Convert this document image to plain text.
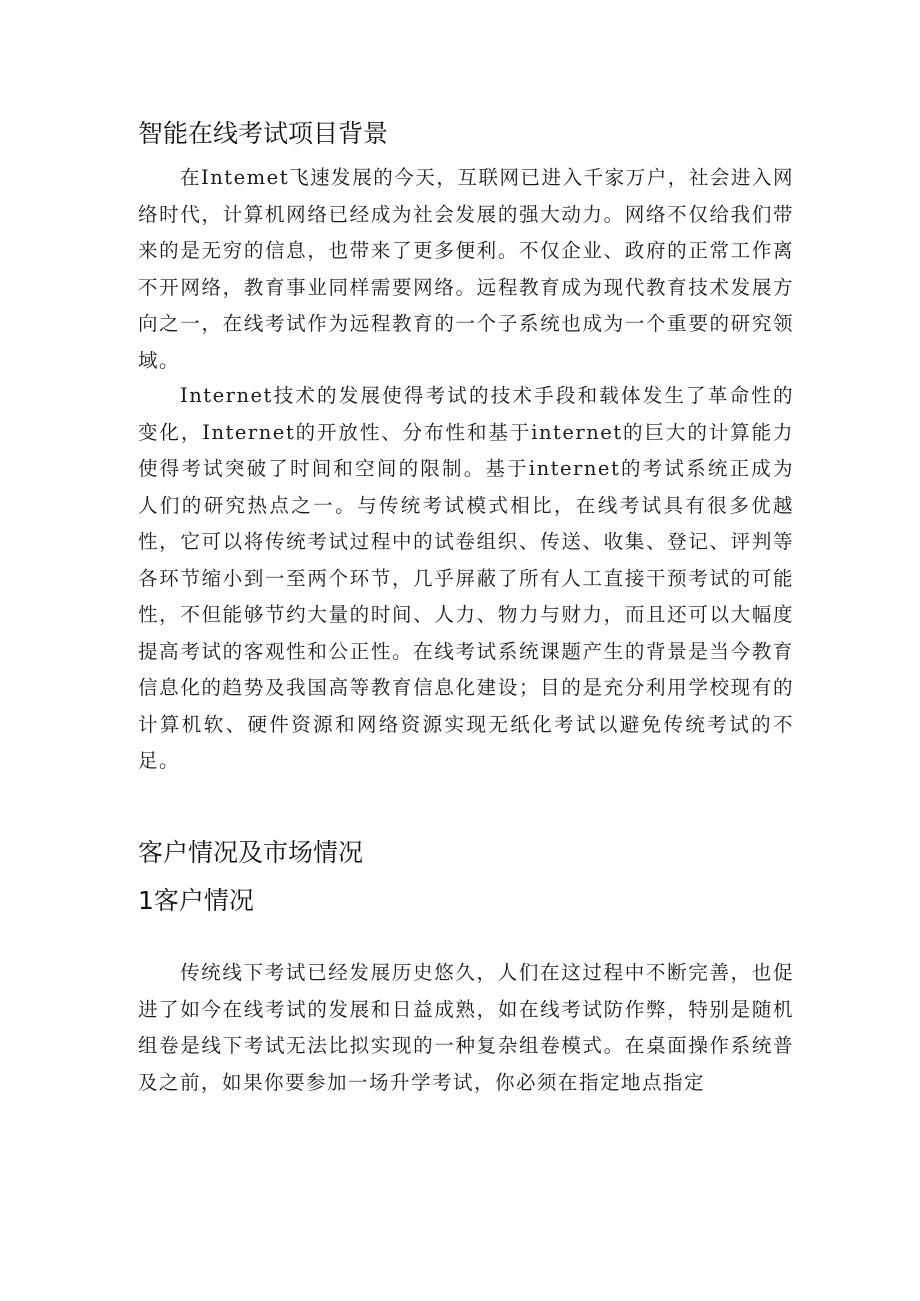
智能在线考试项目背景

在Intemet飞速发展的今天，互联网已进入千家万户，社会进入网络时代，计算机网络已经成为社会发展的强大动力。网络不仅给我们带来的是无穷的信息，也带来了更多便利。不仅企业、政府的正常工作离不开网络，教育事业同样需要网络。远程教育成为现代教育技术发展方向之一，在线考试作为远程教育的一个子系统也成为一个重要的研究领域。

Internet技术的发展使得考试的技术手段和载体发生了革命性的变化，Internet的开放性、分布性和基于internet的巨大的计算能力使得考试突破了时间和空间的限制。基于internet的考试系统正成为人们的研究热点之一。与传统考试模式相比，在线考试具有很多优越性，它可以将传统考试过程中的试卷组织、传送、收集、登记、评判等各环节缩小到一至两个环节，几乎屏蔽了所有人工直接干预考试的可能性，不但能够节约大量的时间、人力、物力与财力，而且还可以大幅度提高考试的客观性和公正性。在线考试系统课题产生的背景是当今教育信息化的趋势及我国高等教育信息化建设；目的是充分利用学校现有的计算机软、硬件资源和网络资源实现无纸化考试以避免传统考试的不足。

客户情况及市场情况
1客户情况

传统线下考试已经发展历史悠久，人们在这过程中不断完善，也促进了如今在线考试的发展和日益成熟，如在线考试防作弊，特别是随机组卷是线下考试无法比拟实现的一种复杂组卷模式。在桌面操作系统普及之前，如果你要参加一场升学考试，你必须在指定地点指定
